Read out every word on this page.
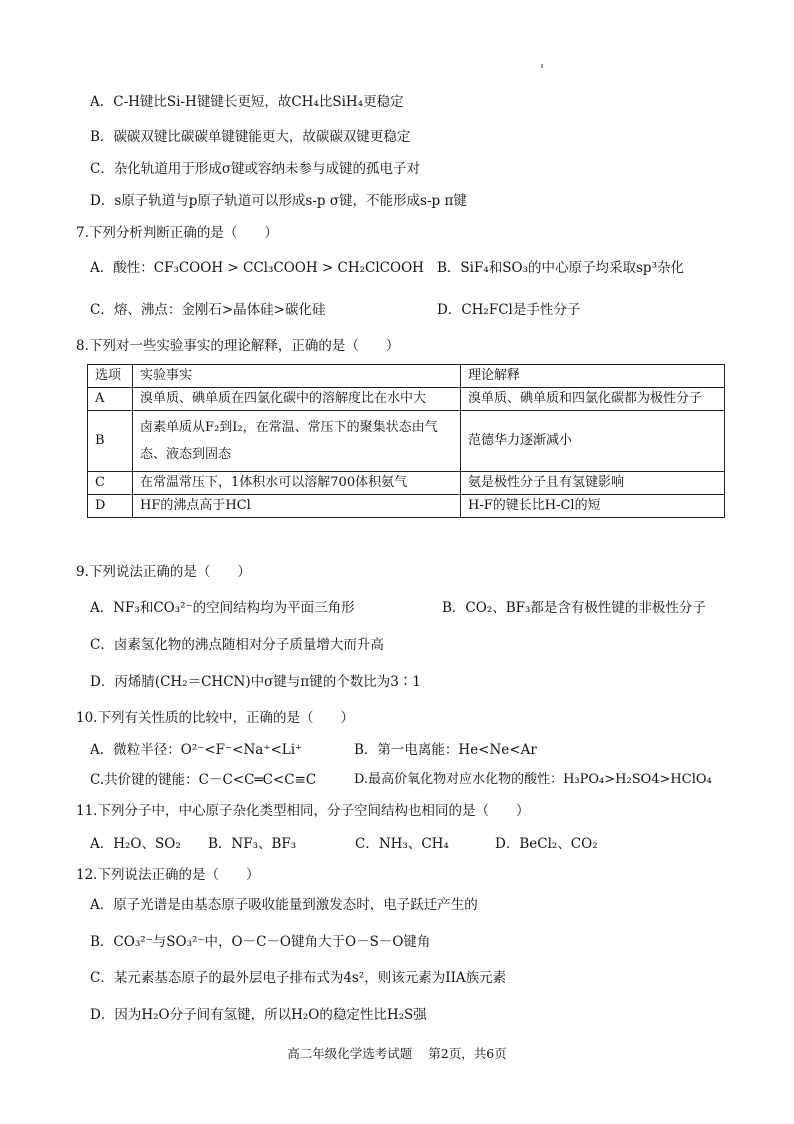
A．C-H键比Si-H键键长更短，故CH₄比SiH₄更稳定
B．碳碳双键比碳碳单键键能更大，故碳碳双键更稳定
C．杂化轨道用于形成σ键或容纳未参与成键的孤电子对
D．s原子轨道与p原子轨道可以形成s-p σ键，不能形成s-p π键
7.下列分析判断正确的是（　　）
A．酸性：CF₃COOH > CCl₃COOH > CH₂ClCOOH B．SiF₄和SO₃的中心原子均采取sp³杂化
C．熔、沸点：金刚石>晶体硅>碳化硅	D．CH₂FCl是手性分子
8.下列对一些实验事实的理论解释，正确的是（　　）
选项	实验事实	理论解释
A	溴单质、碘单质在四氯化碳中的溶解度比在水中大	溴单质、碘单质和四氯化碳都为极性分子
B	卤素单质从F₂到I₂，在常温、常压下的聚集状态由气态、液态到固态	范德华力逐渐减小
C	在常温常压下，1体积水可以溶解700体积氨气	氨是极性分子且有氢键影响
D	HF的沸点高于HCl	H-F的键长比H-Cl的短
9.下列说法正确的是（　　）
A．NF₃和CO₃²⁻的空间结构均为平面三角形	B．CO₂、BF₃都是含有极性键的非极性分子
C．卤素氢化物的沸点随相对分子质量增大而升高
D．丙烯腈(CH₂＝CHCN)中σ键与π键的个数比为3∶1
10.下列有关性质的比较中，正确的是（　　）
A．微粒半径：O²⁻<F⁻<Na⁺<Li⁺	B．第一电离能：He<Ne<Ar
C.共价键的键能：C－C<C═C<C≡C	D.最高价氧化物对应水化物的酸性：H₃PO₄>H₂SO4>HClO₄
11.下列分子中，中心原子杂化类型相同，分子空间结构也相同的是（　　）
A．H₂O、SO₂ B．NF₃、BF₃	C．NH₃、CH₄	D．BeCl₂、CO₂
12.下列说法正确的是（　　）
A．原子光谱是由基态原子吸收能量到激发态时，电子跃迁产生的
B．CO₃²⁻与SO₃²⁻中，O－C－O键角大于O－S－O键角
C．某元素基态原子的最外层电子排布式为4s²，则该元素为IIA族元素
D．因为H₂O分子间有氢键，所以H₂O的稳定性比H₂S强
高二年级化学选考试题 第2页，共6页
